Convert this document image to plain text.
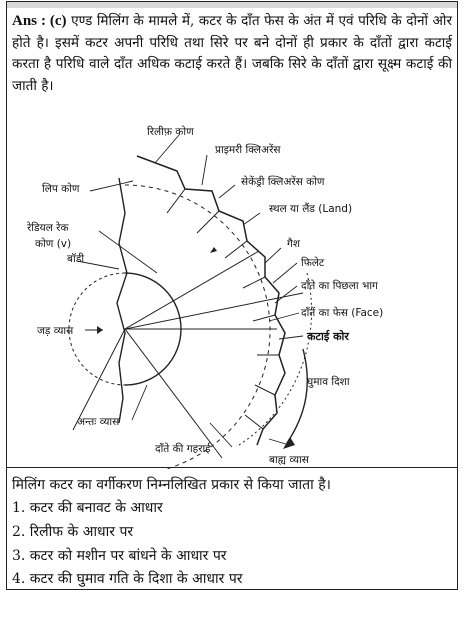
Ans : (c) एण्ड मिलिंग के मामले में, कटर के दाँत फेस के अंत में एवं परिधि के दोनों ओर होते है। इसमें कटर अपनी परिधि तथा सिरे पर बने दोनों ही प्रकार के दाँतों द्वारा कटाई करता है परिधि वाले दाँत अधिक कटाई करते हैं। जबकि सिरे के दाँतों द्वारा सूक्ष्म कटाई की जाती है।
रिलीफ़ कोण
प्राइमरी क्लिअरेंस
लिप कोण
सेकेंड्री क्लिअरेंस कोण
स्थल या लैंड (Land)
रेडियल रेक
कोण (v)
बॉडी
गैश
फिलेट
दाँते का पिछला भाग
दाँतें का फेस (Face)
जड़ व्यास	कटाई कोर
घुमाव दिशा
अन्तः व्यास
दाँते की गहराई
बाह्य व्यास
मिलिंग कटर का वर्गीकरण निम्नलिखित प्रकार से किया जाता है।
1. कटर की बनावट के आधार
2. रिलीफ के आधार पर
3. कटर को मशीन पर बांधने के आधार पर
4. कटर की घुमाव गति के दिशा के आधार पर
